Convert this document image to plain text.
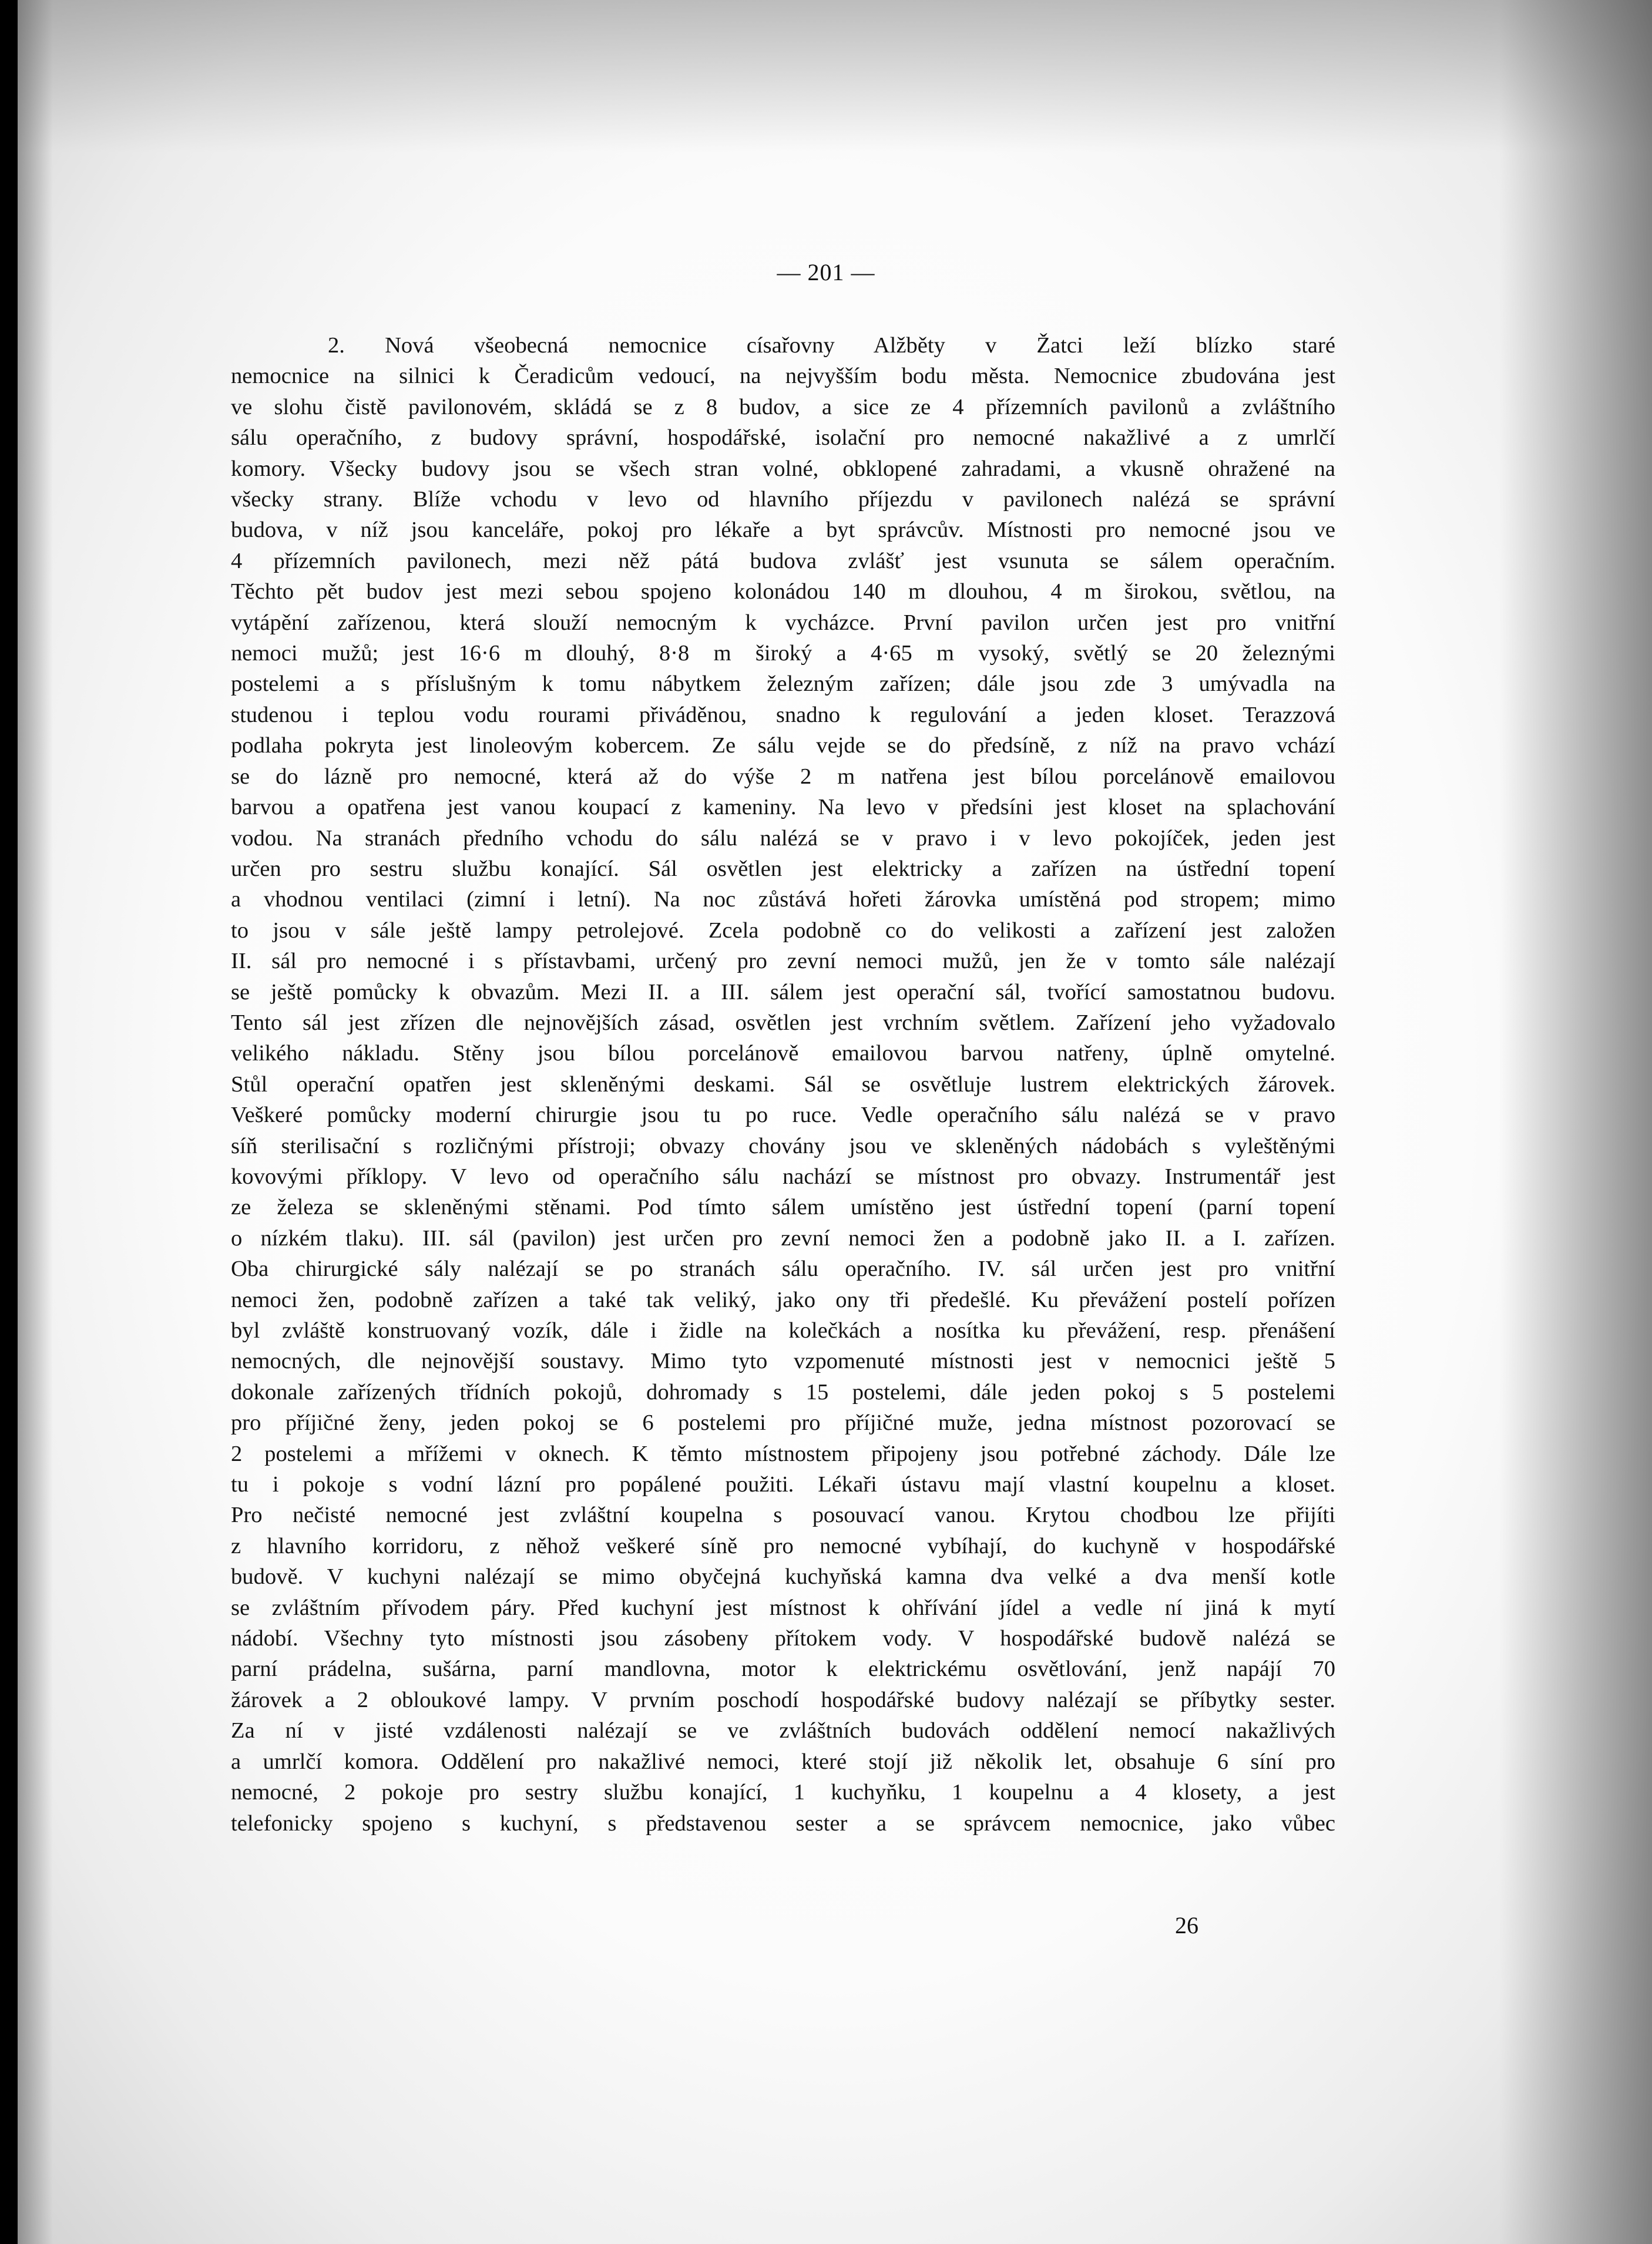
— 201 —
2. Nová všeobecná nemocnice císařovny Alžběty v Žatci leží blízko staré
nemocnice na silnici k Čeradicům vedoucí, na nejvyšším bodu města. Nemocnice zbudována jest
ve slohu čistě pavilonovém, skládá se z 8 budov, a sice ze 4 přízemních pavilonů a zvláštního
sálu operačního, z budovy správní, hospodářské, isolační pro nemocné nakažlivé a z umrlčí
komory. Všecky budovy jsou se všech stran volné, obklopené zahradami, a vkusně ohražené na
všecky strany. Blíže vchodu v levo od hlavního příjezdu v pavilonech nalézá se správní
budova, v níž jsou kanceláře, pokoj pro lékaře a byt správcův. Místnosti pro nemocné jsou ve
4 přízemních pavilonech, mezi něž pátá budova zvlášť jest vsunuta se sálem operačním.
Těchto pět budov jest mezi sebou spojeno kolonádou 140 m dlouhou, 4 m širokou, světlou, na
vytápění zařízenou, která slouží nemocným k vycházce. První pavilon určen jest pro vnitřní
nemoci mužů; jest 16·6 m dlouhý, 8·8 m široký a 4·65 m vysoký, světlý se 20 železnými
postelemi a s příslušným k tomu nábytkem železným zařízen; dále jsou zde 3 umývadla na
studenou i teplou vodu rourami přiváděnou, snadno k regulování a jeden kloset. Terazzová
podlaha pokryta jest linoleovým kobercem. Ze sálu vejde se do předsíně, z níž na pravo vchází
se do lázně pro nemocné, která až do výše 2 m natřena jest bílou porcelánově emailovou
barvou a opatřena jest vanou koupací z kameniny. Na levo v předsíni jest kloset na splachování
vodou. Na stranách předního vchodu do sálu nalézá se v pravo i v levo pokojíček, jeden jest
určen pro sestru službu konající. Sál osvětlen jest elektricky a zařízen na ústřední topení
a vhodnou ventilaci (zimní i letní). Na noc zůstává hořeti žárovka umístěná pod stropem; mimo
to jsou v sále ještě lampy petrolejové. Zcela podobně co do velikosti a zařízení jest založen
II. sál pro nemocné i s přístavbami, určený pro zevní nemoci mužů, jen že v tomto sále nalézají
se ještě pomůcky k obvazům. Mezi II. a III. sálem jest operační sál, tvořící samostatnou budovu.
Tento sál jest zřízen dle nejnovějších zásad, osvětlen jest vrchním světlem. Zařízení jeho vyžadovalo
velikého nákladu. Stěny jsou bílou porcelánově emailovou barvou natřeny, úplně omytelné.
Stůl operační opatřen jest skleněnými deskami. Sál se osvětluje lustrem elektrických žárovek.
Veškeré pomůcky moderní chirurgie jsou tu po ruce. Vedle operačního sálu nalézá se v pravo
síň sterilisační s rozličnými přístroji; obvazy chovány jsou ve skleněných nádobách s vyleštěnými
kovovými příklopy. V levo od operačního sálu nachází se místnost pro obvazy. Instrumentář jest
ze železa se skleněnými stěnami. Pod tímto sálem umístěno jest ústřední topení (parní topení
o nízkém tlaku). III. sál (pavilon) jest určen pro zevní nemoci žen a podobně jako II. a I. zařízen.
Oba chirurgické sály nalézají se po stranách sálu operačního. IV. sál určen jest pro vnitřní
nemoci žen, podobně zařízen a také tak veliký, jako ony tři předešlé. Ku převážení postelí pořízen
byl zvláště konstruovaný vozík, dále i židle na kolečkách a nosítka ku převážení, resp. přenášení
nemocných, dle nejnovější soustavy. Mimo tyto vzpomenuté místnosti jest v nemocnici ještě 5
dokonale zařízených třídních pokojů, dohromady s 15 postelemi, dále jeden pokoj s 5 postelemi
pro příjičné ženy, jeden pokoj se 6 postelemi pro příjičné muže, jedna místnost pozorovací se
2 postelemi a mřížemi v oknech. K těmto místnostem připojeny jsou potřebné záchody. Dále lze
tu i pokoje s vodní lázní pro popálené použiti. Lékaři ústavu mají vlastní koupelnu a kloset.
Pro nečisté nemocné jest zvláštní koupelna s posouvací vanou. Krytou chodbou lze přijíti
z hlavního korridoru, z něhož veškeré síně pro nemocné vybíhají, do kuchyně v hospodářské
budově. V kuchyni nalézají se mimo obyčejná kuchyňská kamna dva velké a dva menší kotle
se zvláštním přívodem páry. Před kuchyní jest místnost k ohřívání jídel a vedle ní jiná k mytí
nádobí. Všechny tyto místnosti jsou zásobeny přítokem vody. V hospodářské budově nalézá se
parní prádelna, sušárna, parní mandlovna, motor k elektrickému osvětlování, jenž napájí 70
žárovek a 2 obloukové lampy. V prvním poschodí hospodářské budovy nalézají se příbytky sester.
Za ní v jisté vzdálenosti nalézají se ve zvláštních budovách oddělení nemocí nakažlivých
a umrlčí komora. Oddělení pro nakažlivé nemoci, které stojí již několik let, obsahuje 6 síní pro
nemocné, 2 pokoje pro sestry službu konající, 1 kuchyňku, 1 koupelnu a 4 klosety, a jest
telefonicky spojeno s kuchyní, s představenou sester a se správcem nemocnice, jako vůbec
26
